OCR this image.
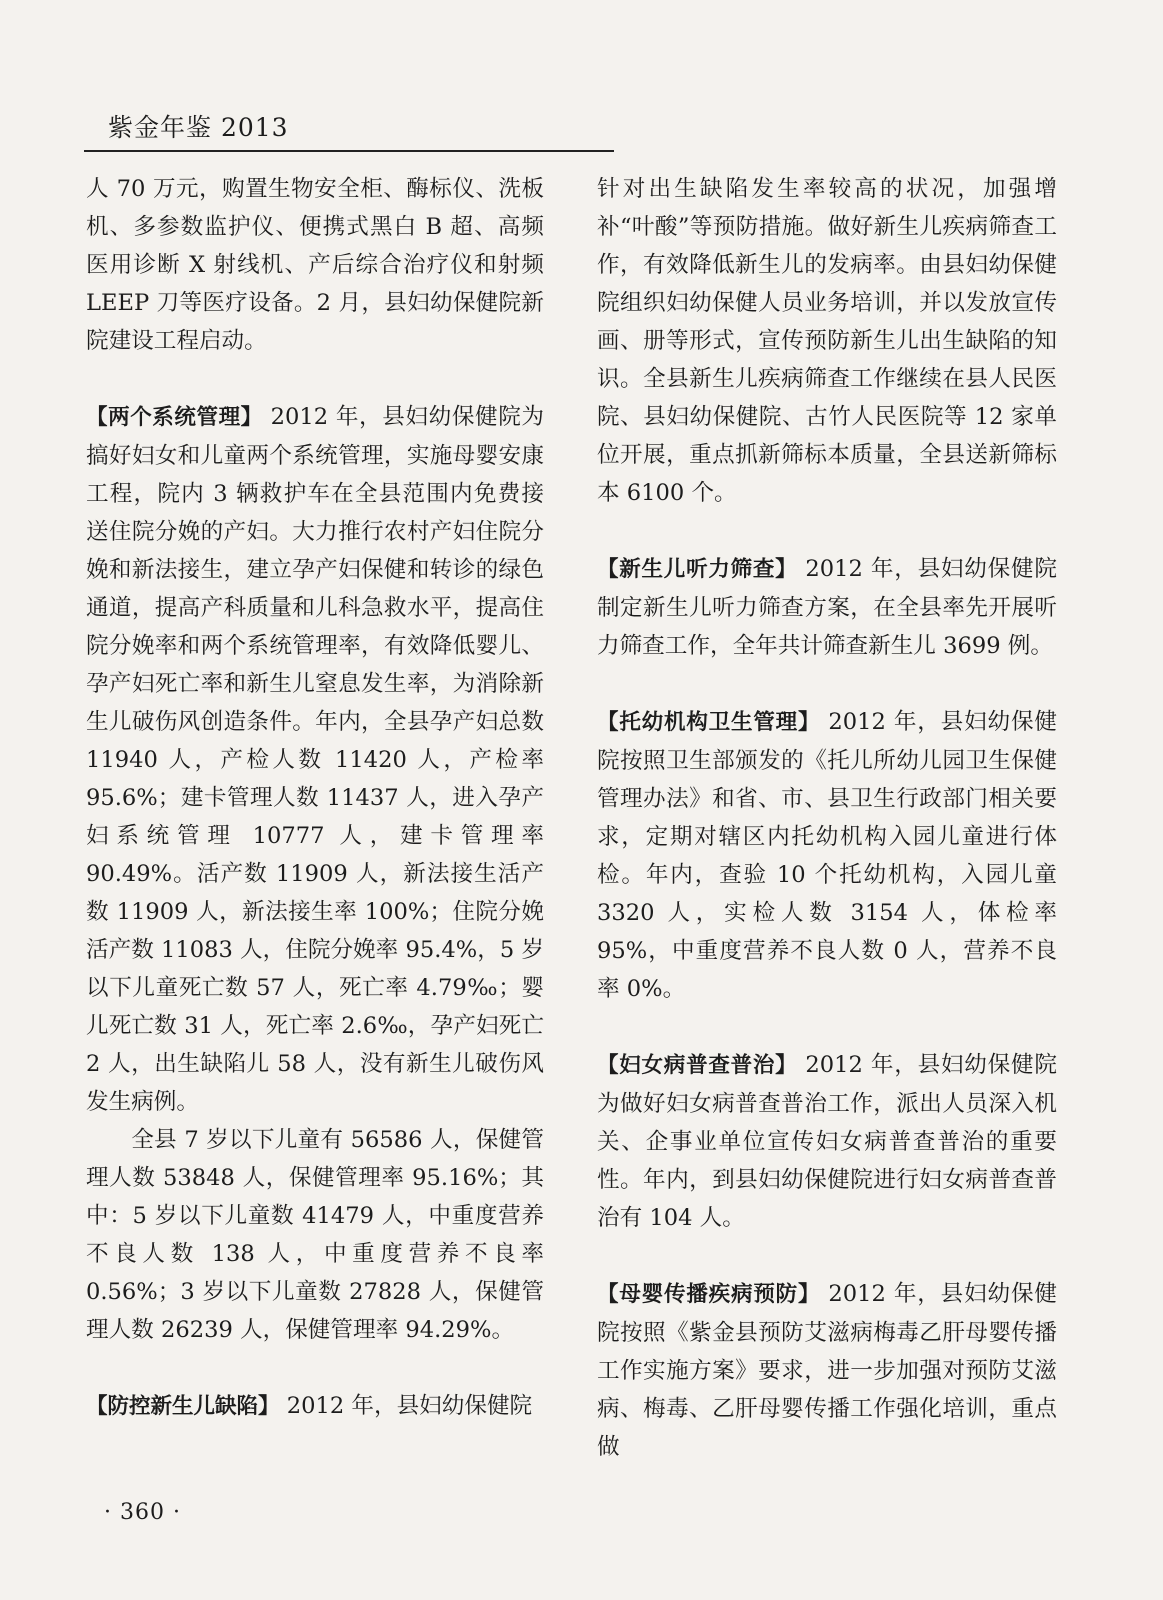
紫金年鉴 2013

人 70 万元，购置生物安全柜、酶标仪、洗板机、多参数监护仪、便携式黑白 B 超、高频医用诊断 X 射线机、产后综合治疗仪和射频 LEEP 刀等医疗设备。2 月，县妇幼保健院新院建设工程启动。

【两个系统管理】 2012 年，县妇幼保健院为搞好妇女和儿童两个系统管理，实施母婴安康工程，院内 3 辆救护车在全县范围内免费接送住院分娩的产妇。大力推行农村产妇住院分娩和新法接生，建立孕产妇保健和转诊的绿色通道，提高产科质量和儿科急救水平，提高住院分娩率和两个系统管理率，有效降低婴儿、孕产妇死亡率和新生儿窒息发生率，为消除新生儿破伤风创造条件。年内，全县孕产妇总数 11940 人，产检人数 11420 人，产检率 95.6%；建卡管理人数 11437 人，进入孕产妇系统管理 10777 人，建卡管理率 90.49%。活产数 11909 人，新法接生活产数 11909 人，新法接生率 100%；住院分娩活产数 11083 人，住院分娩率 95.4%，5 岁以下儿童死亡数 57 人，死亡率 4.79‰；婴儿死亡数 31 人，死亡率 2.6‰，孕产妇死亡 2 人，出生缺陷儿 58 人，没有新生儿破伤风发生病例。

全县 7 岁以下儿童有 56586 人，保健管理人数 53848 人，保健管理率 95.16%；其中：5 岁以下儿童数 41479 人，中重度营养不良人数 138 人，中重度营养不良率 0.56%；3 岁以下儿童数 27828 人，保健管理人数 26239 人，保健管理率 94.29%。

【防控新生儿缺陷】 2012 年，县妇幼保健院

针对出生缺陷发生率较高的状况，加强增补“叶酸”等预防措施。做好新生儿疾病筛查工作，有效降低新生儿的发病率。由县妇幼保健院组织妇幼保健人员业务培训，并以发放宣传画、册等形式，宣传预防新生儿出生缺陷的知识。全县新生儿疾病筛查工作继续在县人民医院、县妇幼保健院、古竹人民医院等 12 家单位开展，重点抓新筛标本质量，全县送新筛标本 6100 个。

【新生儿听力筛查】 2012 年，县妇幼保健院制定新生儿听力筛查方案，在全县率先开展听力筛查工作，全年共计筛查新生儿 3699 例。

【托幼机构卫生管理】 2012 年，县妇幼保健院按照卫生部颁发的《托儿所幼儿园卫生保健管理办法》和省、市、县卫生行政部门相关要求，定期对辖区内托幼机构入园儿童进行体检。年内，查验 10 个托幼机构，入园儿童 3320 人，实检人数 3154 人，体检率 95%，中重度营养不良人数 0 人，营养不良率 0%。

【妇女病普查普治】 2012 年，县妇幼保健院为做好妇女病普查普治工作，派出人员深入机关、企事业单位宣传妇女病普查普治的重要性。年内，到县妇幼保健院进行妇女病普查普治有 104 人。

【母婴传播疾病预防】 2012 年，县妇幼保健院按照《紫金县预防艾滋病梅毒乙肝母婴传播工作实施方案》要求，进一步加强对预防艾滋病、梅毒、乙肝母婴传播工作强化培训，重点做

· 360 ·
